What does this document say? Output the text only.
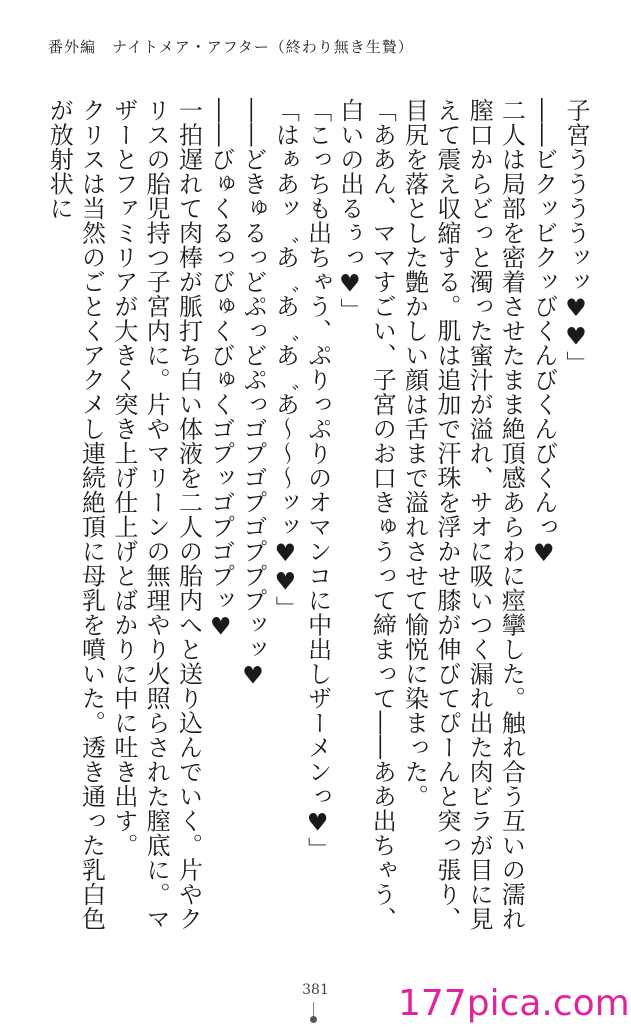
番外編　ナイトメア・アフター（終わり無き生贄）

子宮ううううッッ♥♥」

――ビクッビクッびくんびくんびくんっ♥

二人は局部を密着させたまま絶頂感あらわに痙攣した。触れ合う互いの濡れ膣口からどっと濁った蜜汁が溢れ、サオに吸いつく漏れ出た肉ビラが目に見えて震え収縮する。肌は追加で汗珠を浮かせ膝が伸びてぴーんと突っ張り、目尻を落とした艶かしい顔は舌まで溢れさせて愉悦に染まった。

「ああん、ママすごい、子宮のお口きゅうって締まって――ああ出ちゃう、白いの出るぅっ♥」

「こっちも出ちゃう、ぷりっぷりのオマンコに中出しザーメンっ♥」

「はぁあッ゛あ゛あ゛あ゛あ～～～ッッ♥♥」

――どきゅるっどぷっどぷっゴプゴプゴプププッッ♥

――びゅくるっびゅくびゅくゴプッゴプゴプッ♥

一拍遅れて肉棒が脈打ち白い体液を二人の胎内へと送り込んでいく。片やクリスの胎児持つ子宮内に。片やマリーンの無理やり火照らされた膣底に。マザーとファミリアが大きく突き上げ仕上げとばかりに中に吐き出す。

クリスは当然のごとくアクメし連続絶頂に母乳を噴いた。透き通った乳白色が放射状に

381	177pica.com
